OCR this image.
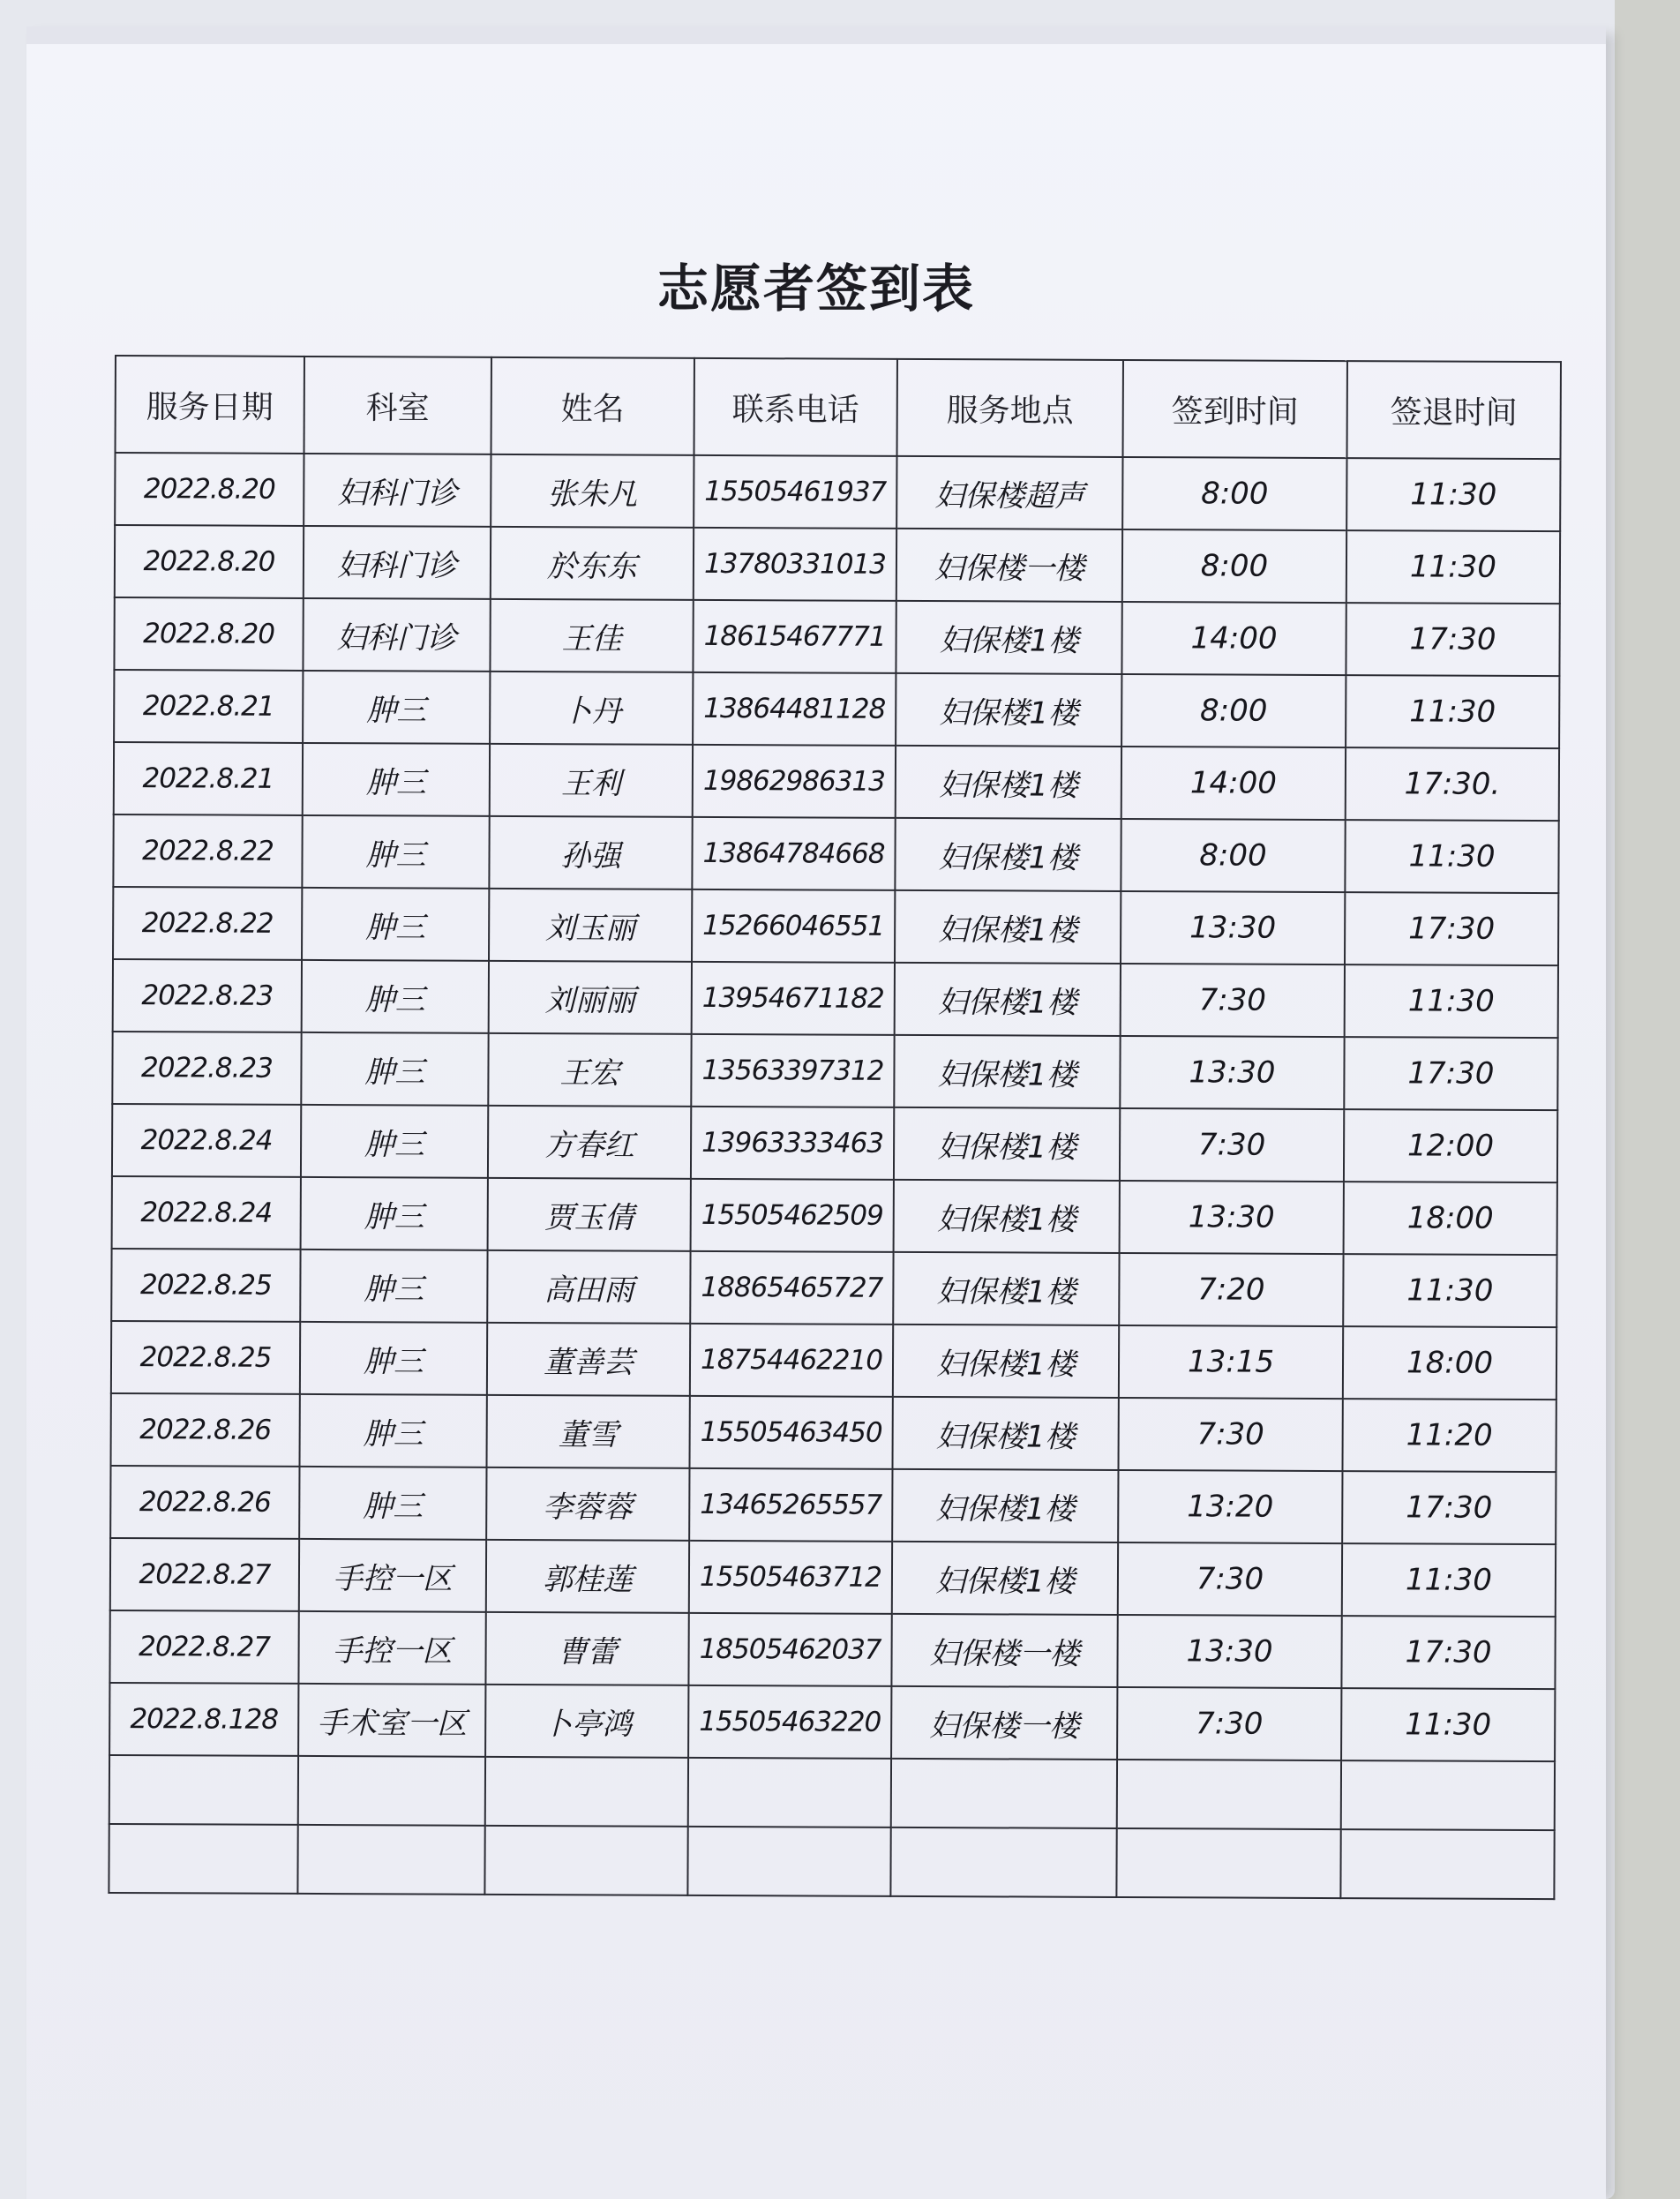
志愿者签到表
服务日期	科室	姓名	联系电话	服务地点	签到时间	签退时间
2022.8.20	妇科门诊	张朱凡	15505461937	妇保楼超声	8:00	11:30
2022.8.20	妇科门诊	於东东	13780331013	妇保楼一楼	8:00	11:30
2022.8.20	妇科门诊	王佳	18615467771	妇保楼1楼	14:00	17:30
2022.8.21	肿三	卜丹	13864481128	妇保楼1楼	8:00	11:30
2022.8.21	肿三	王利	19862986313	妇保楼1楼	14:00	17:30.
2022.8.22	肿三	孙强	13864784668	妇保楼1楼	8:00	11:30
2022.8.22	肿三	刘玉丽	15266046551	妇保楼1楼	13:30	17:30
2022.8.23	肿三	刘丽丽	13954671182	妇保楼1楼	7:30	11:30
2022.8.23	肿三	王宏	13563397312	妇保楼1楼	13:30	17:30
2022.8.24	肿三	方春红	13963333463	妇保楼1楼	7:30	12:00
2022.8.24	肿三	贾玉倩	15505462509	妇保楼1楼	13:30	18:00
2022.8.25	肿三	高田雨	18865465727	妇保楼1楼	7:20	11:30
2022.8.25	肿三	董善芸	18754462210	妇保楼1楼	13:15	18:00
2022.8.26	肿三	董雪	15505463450	妇保楼1楼	7:30	11:20
2022.8.26	肿三	李蓉蓉	13465265557	妇保楼1楼	13:20	17:30
2022.8.27	手控一区	郭桂莲	15505463712	妇保楼1楼	7:30	11:30
2022.8.27	手控一区	曹蕾	18505462037	妇保楼一楼	13:30	17:30
2022.8.128	手术室一区	卜亭鸿	15505463220	妇保楼一楼	7:30	11:30
